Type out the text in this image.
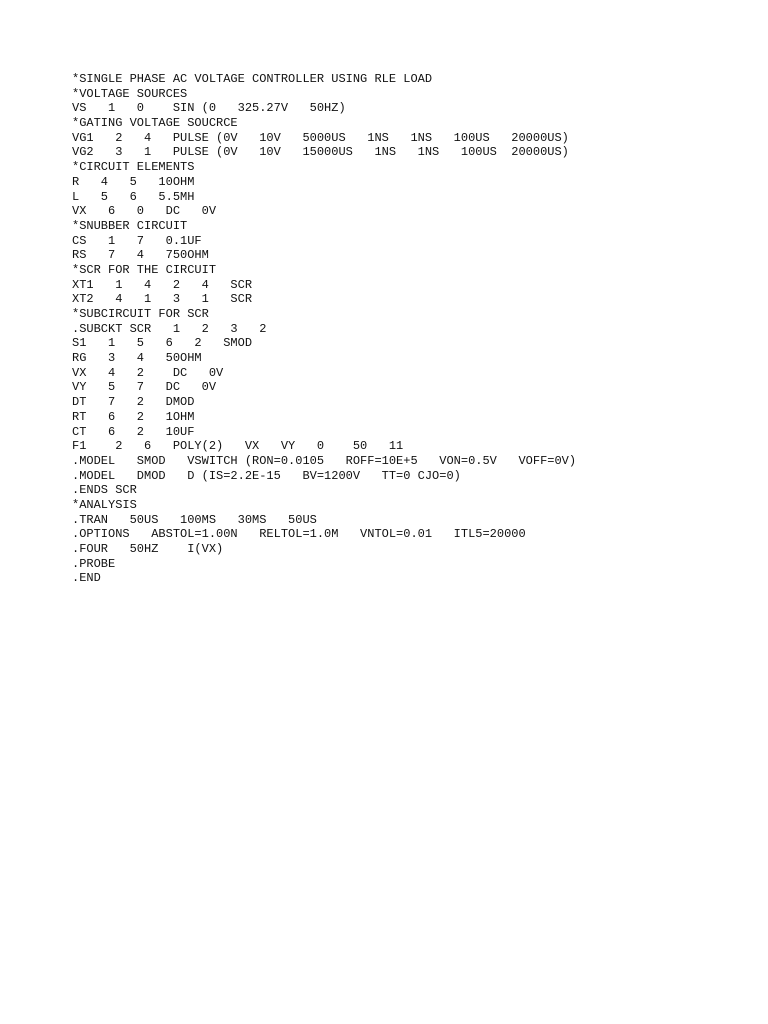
*SINGLE PHASE AC VOLTAGE CONTROLLER USING RLE LOAD
*VOLTAGE SOURCES
VS   1   0    SIN (0   325.27V   50HZ)
*GATING VOLTAGE SOUCRCE
VG1   2   4   PULSE (0V   10V   5000US   1NS   1NS   100US   20000US)
VG2   3   1   PULSE (0V   10V   15000US   1NS   1NS   100US  20000US)
*CIRCUIT ELEMENTS
R   4   5   10OHM
L   5   6   5.5MH
VX   6   0   DC   0V
*SNUBBER CIRCUIT
CS   1   7   0.1UF
RS   7   4   750OHM
*SCR FOR THE CIRCUIT
XT1   1   4   2   4   SCR
XT2   4   1   3   1   SCR
*SUBCIRCUIT FOR SCR
.SUBCKT SCR   1   2   3   2
S1   1   5   6   2   SMOD
RG   3   4   50OHM
VX   4   2    DC   0V
VY   5   7   DC   0V
DT   7   2   DMOD
RT   6   2   1OHM
CT   6   2   10UF
F1    2   6   POLY(2)   VX   VY   0    50   11
.MODEL   SMOD   VSWITCH (RON=0.0105   ROFF=10E+5   VON=0.5V   VOFF=0V)
.MODEL   DMOD   D (IS=2.2E-15   BV=1200V   TT=0 CJO=0)
.ENDS SCR
*ANALYSIS
.TRAN   50US   100MS   30MS   50US
.OPTIONS   ABSTOL=1.00N   RELTOL=1.0M   VNTOL=0.01   ITL5=20000
.FOUR   50HZ    I(VX)
.PROBE
.END
